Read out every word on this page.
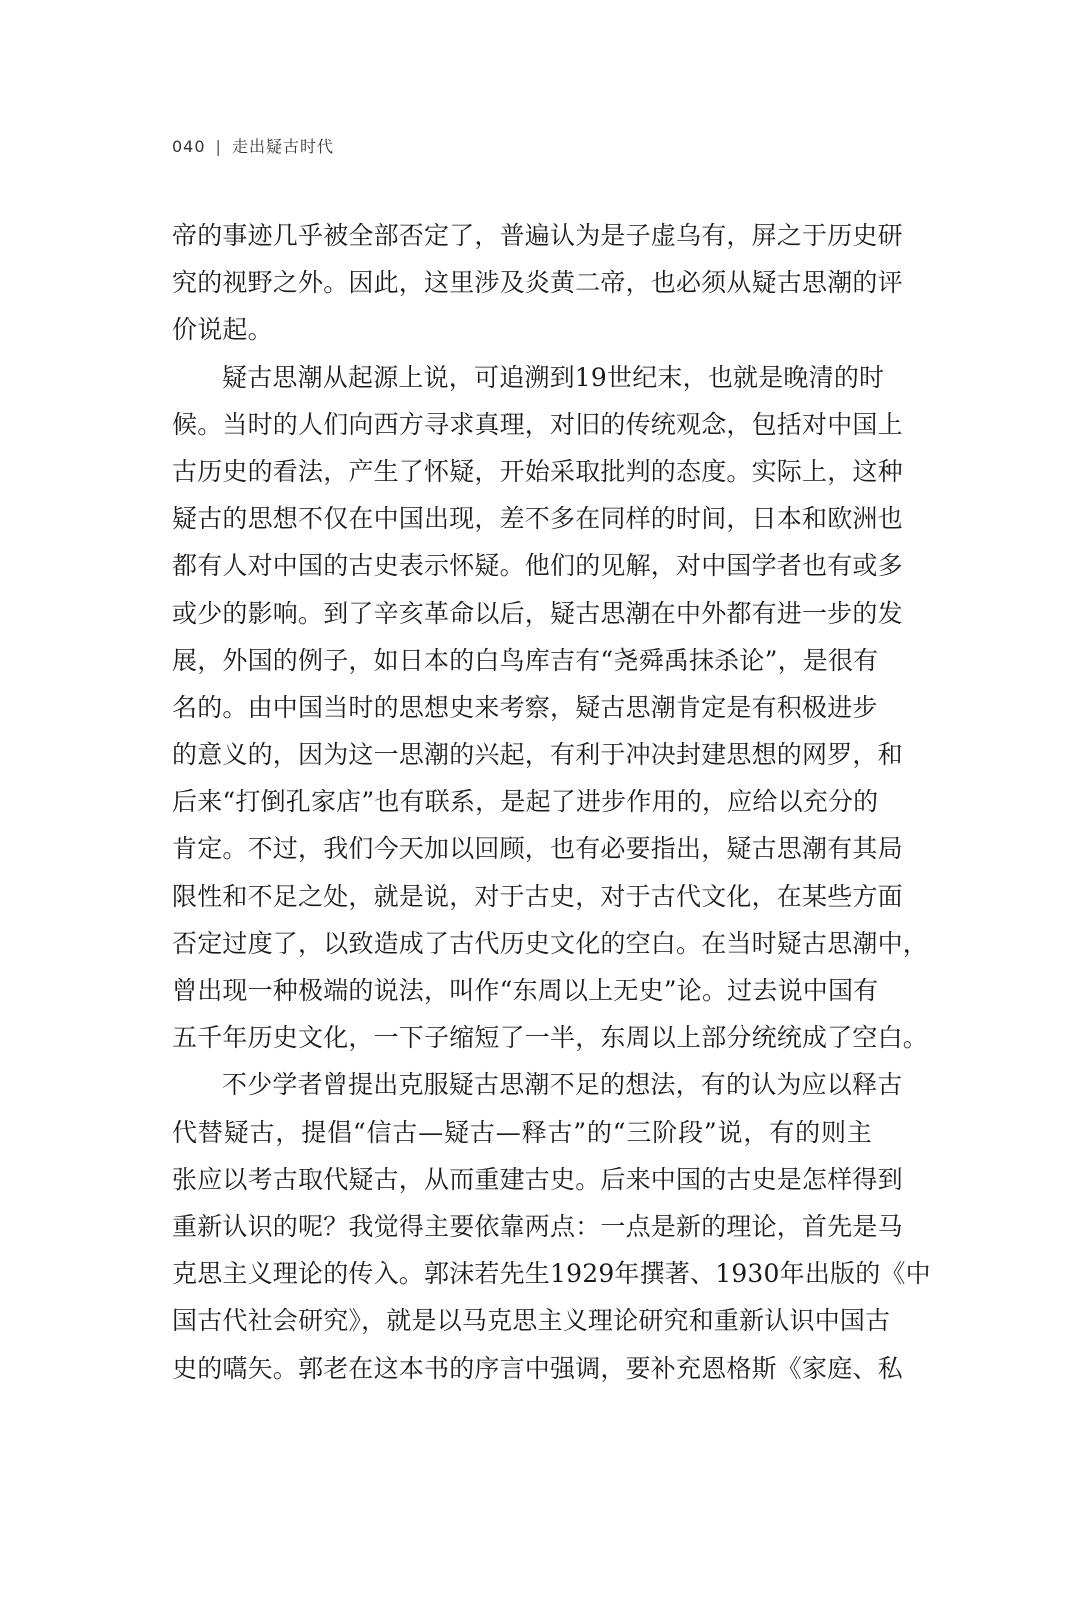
040 | 走出疑古时代
帝的事迹几乎被全部否定了，普遍认为是子虚乌有，屏之于历史研
究的视野之外。因此，这里涉及炎黄二帝，也必须从疑古思潮的评
价说起。
疑古思潮从起源上说，可追溯到19世纪末，也就是晚清的时
候。当时的人们向西方寻求真理，对旧的传统观念，包括对中国上
古历史的看法，产生了怀疑，开始采取批判的态度。实际上，这种
疑古的思想不仅在中国出现，差不多在同样的时间，日本和欧洲也
都有人对中国的古史表示怀疑。他们的见解，对中国学者也有或多
或少的影响。到了辛亥革命以后，疑古思潮在中外都有进一步的发
展，外国的例子，如日本的白鸟库吉有“尧舜禹抹杀论”，是很有
名的。由中国当时的思想史来考察，疑古思潮肯定是有积极进步
的意义的，因为这一思潮的兴起，有利于冲决封建思想的网罗，和
后来“打倒孔家店”也有联系，是起了进步作用的，应给以充分的
肯定。不过，我们今天加以回顾，也有必要指出，疑古思潮有其局
限性和不足之处，就是说，对于古史，对于古代文化，在某些方面
否定过度了，以致造成了古代历史文化的空白。在当时疑古思潮中，
曾出现一种极端的说法，叫作“东周以上无史”论。过去说中国有
五千年历史文化，一下子缩短了一半，东周以上部分统统成了空白。
不少学者曾提出克服疑古思潮不足的想法，有的认为应以释古
代替疑古，提倡“信古—疑古—释古”的“三阶段”说，有的则主
张应以考古取代疑古，从而重建古史。后来中国的古史是怎样得到
重新认识的呢？我觉得主要依靠两点：一点是新的理论，首先是马
克思主义理论的传入。郭沫若先生1929年撰著、1930年出版的《中
国古代社会研究》，就是以马克思主义理论研究和重新认识中国古
史的嚆矢。郭老在这本书的序言中强调，要补充恩格斯《家庭、私
